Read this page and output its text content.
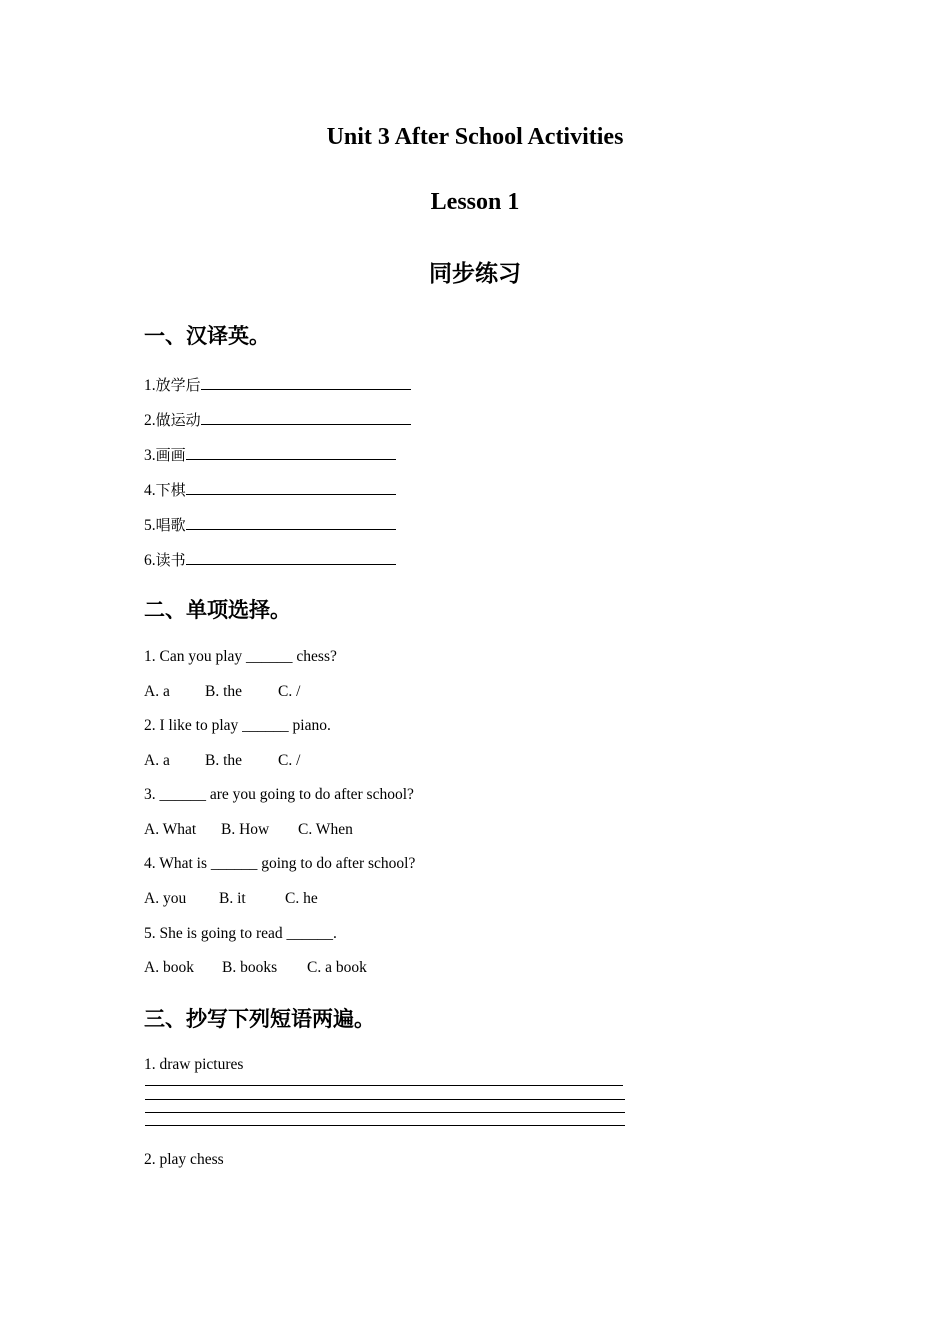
Unit 3 After School Activities
Lesson 1
同步练习
一、汉译英。
1.放学后
2.做运动
3.画画
4.下棋
5.唱歌
6.读书
二、单项选择。
1. Can you play ______ chess?
A. a B. the C. /
2. I like to play ______ piano.
A. a B. the C. /
3. ______ are you going to do after school?
A. What B. How C. When
4. What is ______ going to do after school?
A. you B. it	C. he
5. She is going to read ______.
A. book B. books C. a book
三、抄写下列短语两遍。
1. draw pictures
2. play chess
